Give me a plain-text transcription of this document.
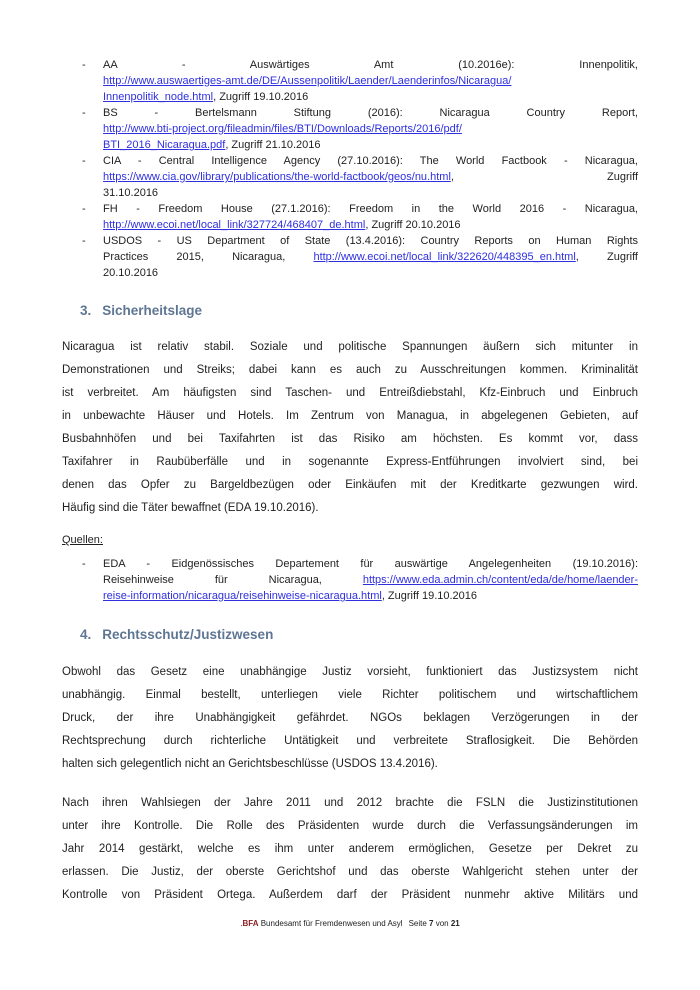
- AA - Auswärtiges Amt (10.2016e): Innenpolitik,
http://www.auswaertiges-amt.de/DE/Aussenpolitik/Laender/Laenderinfos/Nicaragua/
Innenpolitik_node.html, Zugriff 19.10.2016
- BS - Bertelsmann Stiftung (2016): Nicaragua Country Report,
http://www.bti-project.org/fileadmin/files/BTI/Downloads/Reports/2016/pdf/
BTI_2016_Nicaragua.pdf, Zugriff 21.10.2016
- CIA - Central Intelligence Agency (27.10.2016): The World Factbook - Nicaragua,
https://www.cia.gov/library/publications/the-world-factbook/geos/nu.html, Zugriff
31.10.2016
- FH - Freedom House (27.1.2016): Freedom in the World 2016 - Nicaragua,
http://www.ecoi.net/local_link/327724/468407_de.html, Zugriff 20.10.2016
- USDOS - US Department of State (13.4.2016): Country Reports on Human Rights
Practices 2015, Nicaragua, http://www.ecoi.net/local_link/322620/448395_en.html, Zugriff
20.10.2016
3. Sicherheitslage
Nicaragua ist relativ stabil. Soziale und politische Spannungen äußern sich mitunter in
Demonstrationen und Streiks; dabei kann es auch zu Ausschreitungen kommen. Kriminalität
ist verbreitet. Am häufigsten sind Taschen- und Entreißdiebstahl, Kfz-Einbruch und Einbruch
in unbewachte Häuser und Hotels. Im Zentrum von Managua, in abgelegenen Gebieten, auf
Busbahnhöfen und bei Taxifahrten ist das Risiko am höchsten. Es kommt vor, dass
Taxifahrer in Raubüberfälle und in sogenannte Express-Entführungen involviert sind, bei
denen das Opfer zu Bargeldbezügen oder Einkäufen mit der Kreditkarte gezwungen wird.
Häufig sind die Täter bewaffnet (EDA 19.10.2016).
Quellen:
- EDA - Eidgenössisches Departement für auswärtige Angelegenheiten (19.10.2016):
Reisehinweise für Nicaragua, https://www.eda.admin.ch/content/eda/de/home/laender-
reise-information/nicaragua/reisehinweise-nicaragua.html, Zugriff 19.10.2016
4. Rechtsschutz/Justizwesen
Obwohl das Gesetz eine unabhängige Justiz vorsieht, funktioniert das Justizsystem nicht
unabhängig. Einmal bestellt, unterliegen viele Richter politischem und wirtschaftlichem
Druck, der ihre Unabhängigkeit gefährdet. NGOs beklagen Verzögerungen in der
Rechtsprechung durch richterliche Untätigkeit und verbreitete Straflosigkeit. Die Behörden
halten sich gelegentlich nicht an Gerichtsbeschlüsse (USDOS 13.4.2016).
Nach ihren Wahlsiegen der Jahre 2011 und 2012 brachte die FSLN die Justizinstitutionen
unter ihre Kontrolle. Die Rolle des Präsidenten wurde durch die Verfassungsänderungen im
Jahr 2014 gestärkt, welche es ihm unter anderem ermöglichen, Gesetze per Dekret zu
erlassen. Die Justiz, der oberste Gerichtshof und das oberste Wahlgericht stehen unter der
Kontrolle von Präsident Ortega. Außerdem darf der Präsident nunmehr aktive Militärs und
.BFA Bundesamt für Fremdenwesen und Asyl Seite 7 von 21
